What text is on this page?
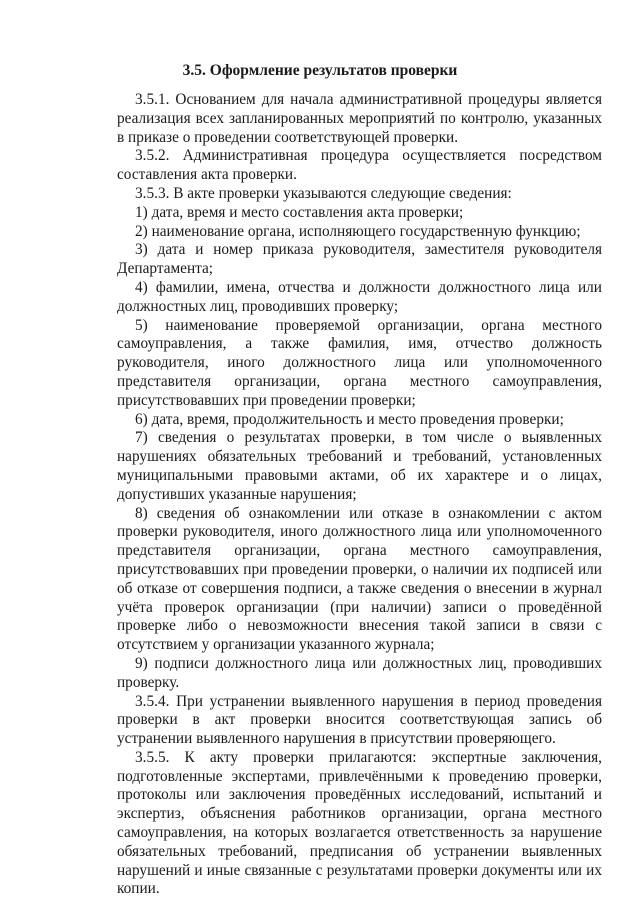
3.5. Оформление результатов проверки

3.5.1. Основанием для начала административной процедуры является реализация всех запланированных мероприятий по контролю, указанных в приказе о проведении соответствующей проверки.

3.5.2. Административная процедура осуществляется посредством составления акта проверки.

3.5.3. В акте проверки указываются следующие сведения:

1) дата, время и место составления акта проверки;

2) наименование органа, исполняющего государственную функцию;

3) дата и номер приказа руководителя, заместителя руководителя Департамента;

4) фамилии, имена, отчества и должности должностного лица или должностных лиц, проводивших проверку;

5) наименование проверяемой организации, органа местного самоуправления, а также фамилия, имя, отчество должность руководителя, иного должностного лица или уполномоченного представителя организации, органа местного самоуправления, присутствовавших при проведении проверки;

6) дата, время, продолжительность и место проведения проверки;

7) сведения о результатах проверки, в том числе о выявленных нарушениях обязательных требований и требований, установленных муниципальными правовыми актами, об их характере и о лицах, допустивших указанные нарушения;

8) сведения об ознакомлении или отказе в ознакомлении с актом проверки руководителя, иного должностного лица или уполномоченного представителя организации, органа местного самоуправления, присутствовавших при проведении проверки, о наличии их подписей или об отказе от совершения подписи, а также сведения о внесении в журнал учёта проверок организации (при наличии) записи о проведённой проверке либо о невозможности внесения такой записи в связи с отсутствием у организации указанного журнала;

9) подписи должностного лица или должностных лиц, проводивших проверку.

3.5.4. При устранении выявленного нарушения в период проведения проверки в акт проверки вносится соответствующая запись об устранении выявленного нарушения в присутствии проверяющего.

3.5.5. К акту проверки прилагаются: экспертные заключения, подготовленные экспертами, привлечёнными к проведению проверки, протоколы или заключения проведённых исследований, испытаний и экспертиз, объяснения работников организации, органа местного самоуправления, на которых возлагается ответственность за нарушение обязательных требований, предписания об устранении выявленных нарушений и иные связанные с результатами проверки документы или их копии.
